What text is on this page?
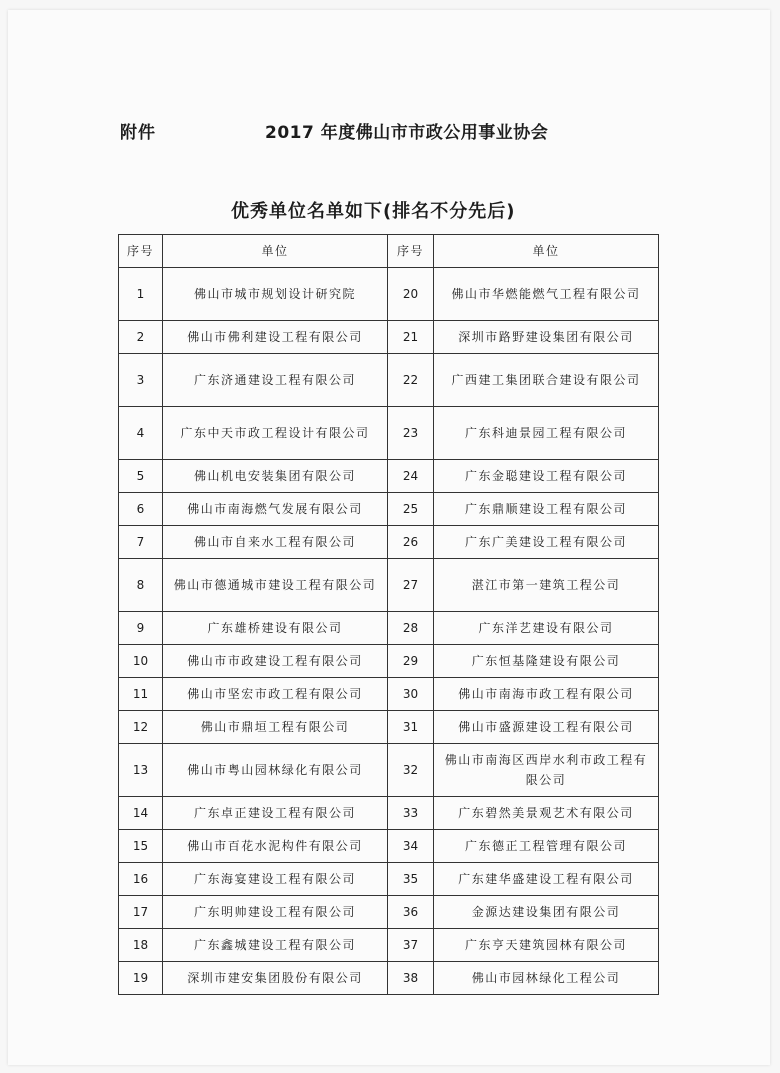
附件	2017 年度佛山市市政公用事业协会
优秀单位名单如下(排名不分先后)
序号	单位	序号	单位
1	佛山市城市规划设计研究院	20	佛山市华燃能燃气工程有限公司
2	佛山市佛利建设工程有限公司	21	深圳市路野建设集团有限公司
3	广东济通建设工程有限公司	22	广西建工集团联合建设有限公司
4	广东中天市政工程设计有限公司	23	广东科迪景园工程有限公司
5	佛山机电安装集团有限公司	24	广东金聪建设工程有限公司
6	佛山市南海燃气发展有限公司	25	广东鼎顺建设工程有限公司
7	佛山市自来水工程有限公司	26	广东广美建设工程有限公司
8	佛山市德通城市建设工程有限公司	27	湛江市第一建筑工程公司
9	广东雄桥建设有限公司	28	广东洋艺建设有限公司
10	佛山市市政建设工程有限公司	29	广东恒基隆建设有限公司
11	佛山市坚宏市政工程有限公司	30	佛山市南海市政工程有限公司
12	佛山市鼎垣工程有限公司	31	佛山市盛源建设工程有限公司
13	佛山市粤山园林绿化有限公司	32	佛山市南海区西岸水利市政工程有限公司
14	广东卓正建设工程有限公司	33	广东碧然美景观艺术有限公司
15	佛山市百花水泥构件有限公司	34	广东德正工程管理有限公司
16	广东海宴建设工程有限公司	35	广东建华盛建设工程有限公司
17	广东明帅建设工程有限公司	36	金源达建设集团有限公司
18	广东鑫城建设工程有限公司	37	广东亨天建筑园林有限公司
19	深圳市建安集团股份有限公司	38	佛山市园林绿化工程公司
